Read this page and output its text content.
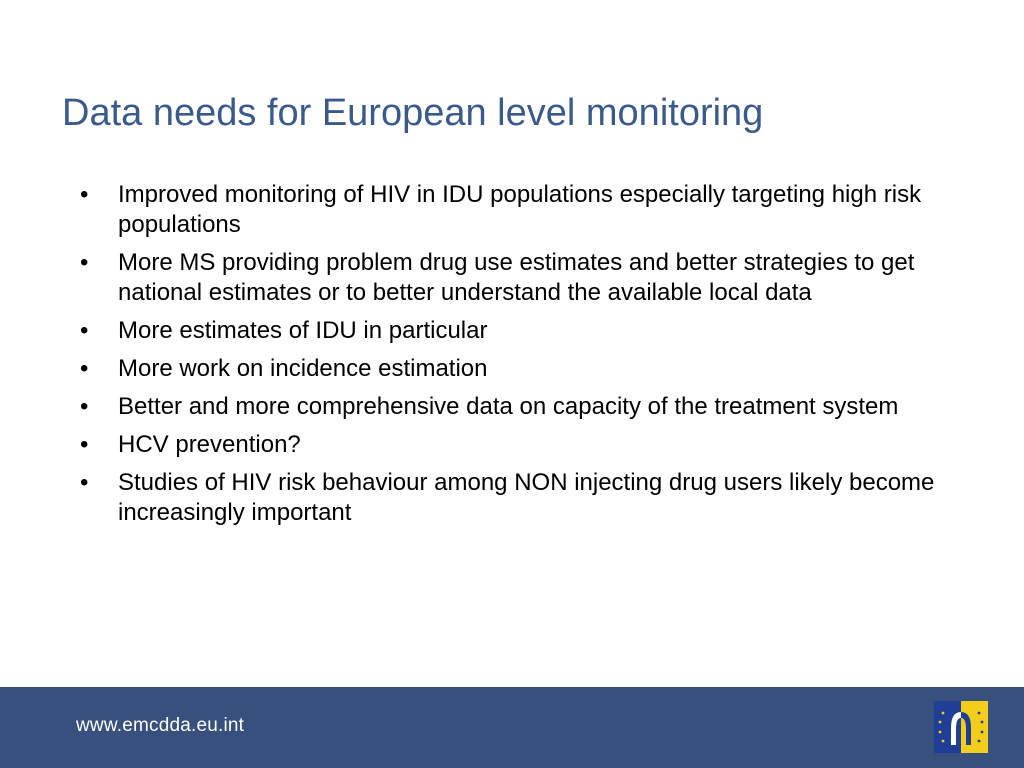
Data needs for European level monitoring
•	Improved monitoring of HIV in IDU populations especially targeting high risk populations
•	More MS providing problem drug use estimates and better strategies to get national estimates or to better understand the available local data
•	More estimates of IDU in particular
•	More work on incidence estimation
•	Better and more comprehensive data on capacity of the treatment system
•	HCV prevention?
•	Studies of HIV risk behaviour among NON injecting drug users likely become increasingly important
www.emcdda.eu.int
